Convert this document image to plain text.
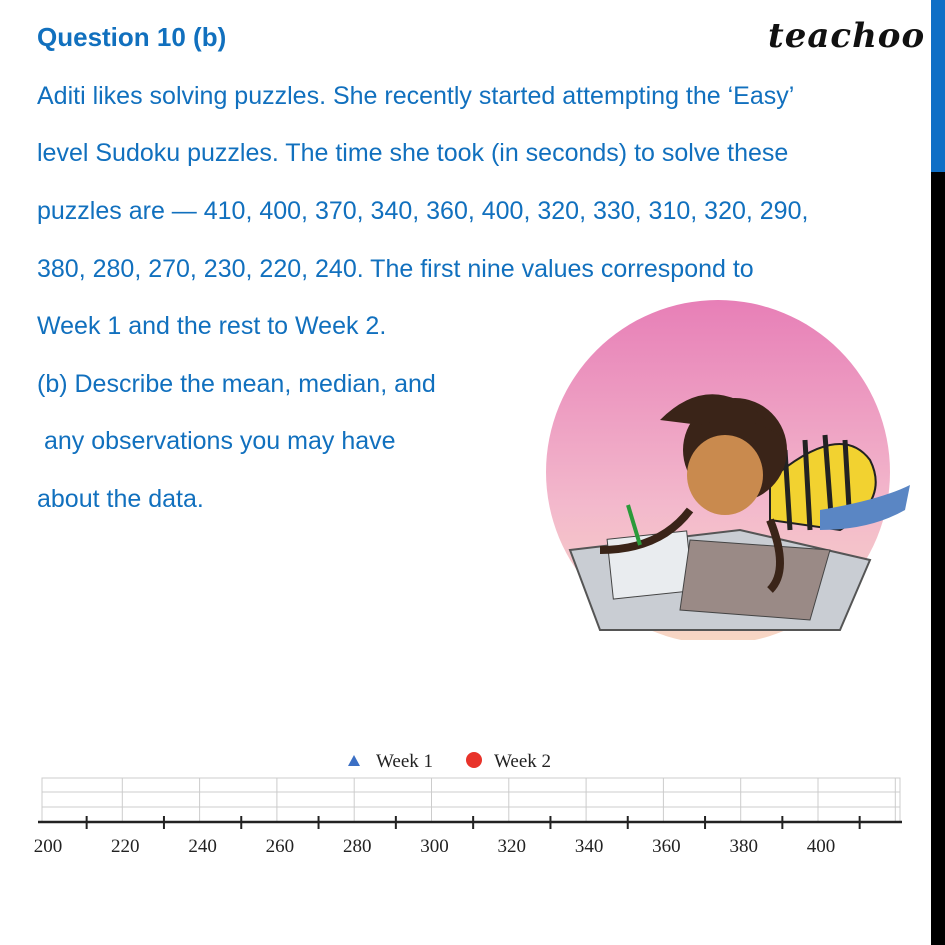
Question 10 (b)	teachoo
Aditi likes solving puzzles. She recently started attempting the ‘Easy’
level Sudoku puzzles. The time she took (in seconds) to solve these
puzzles are — 410, 400, 370, 340, 360, 400, 320, 330, 310, 320, 290,
380, 280, 270, 230, 220, 240. The first nine values correspond to
Week 1 and the rest to Week 2.
(b) Describe the mean, median, and
any observations you may have
about the data.
Week 1	Week 2
200	220	240	260	280	300	320	340	360	380	400
